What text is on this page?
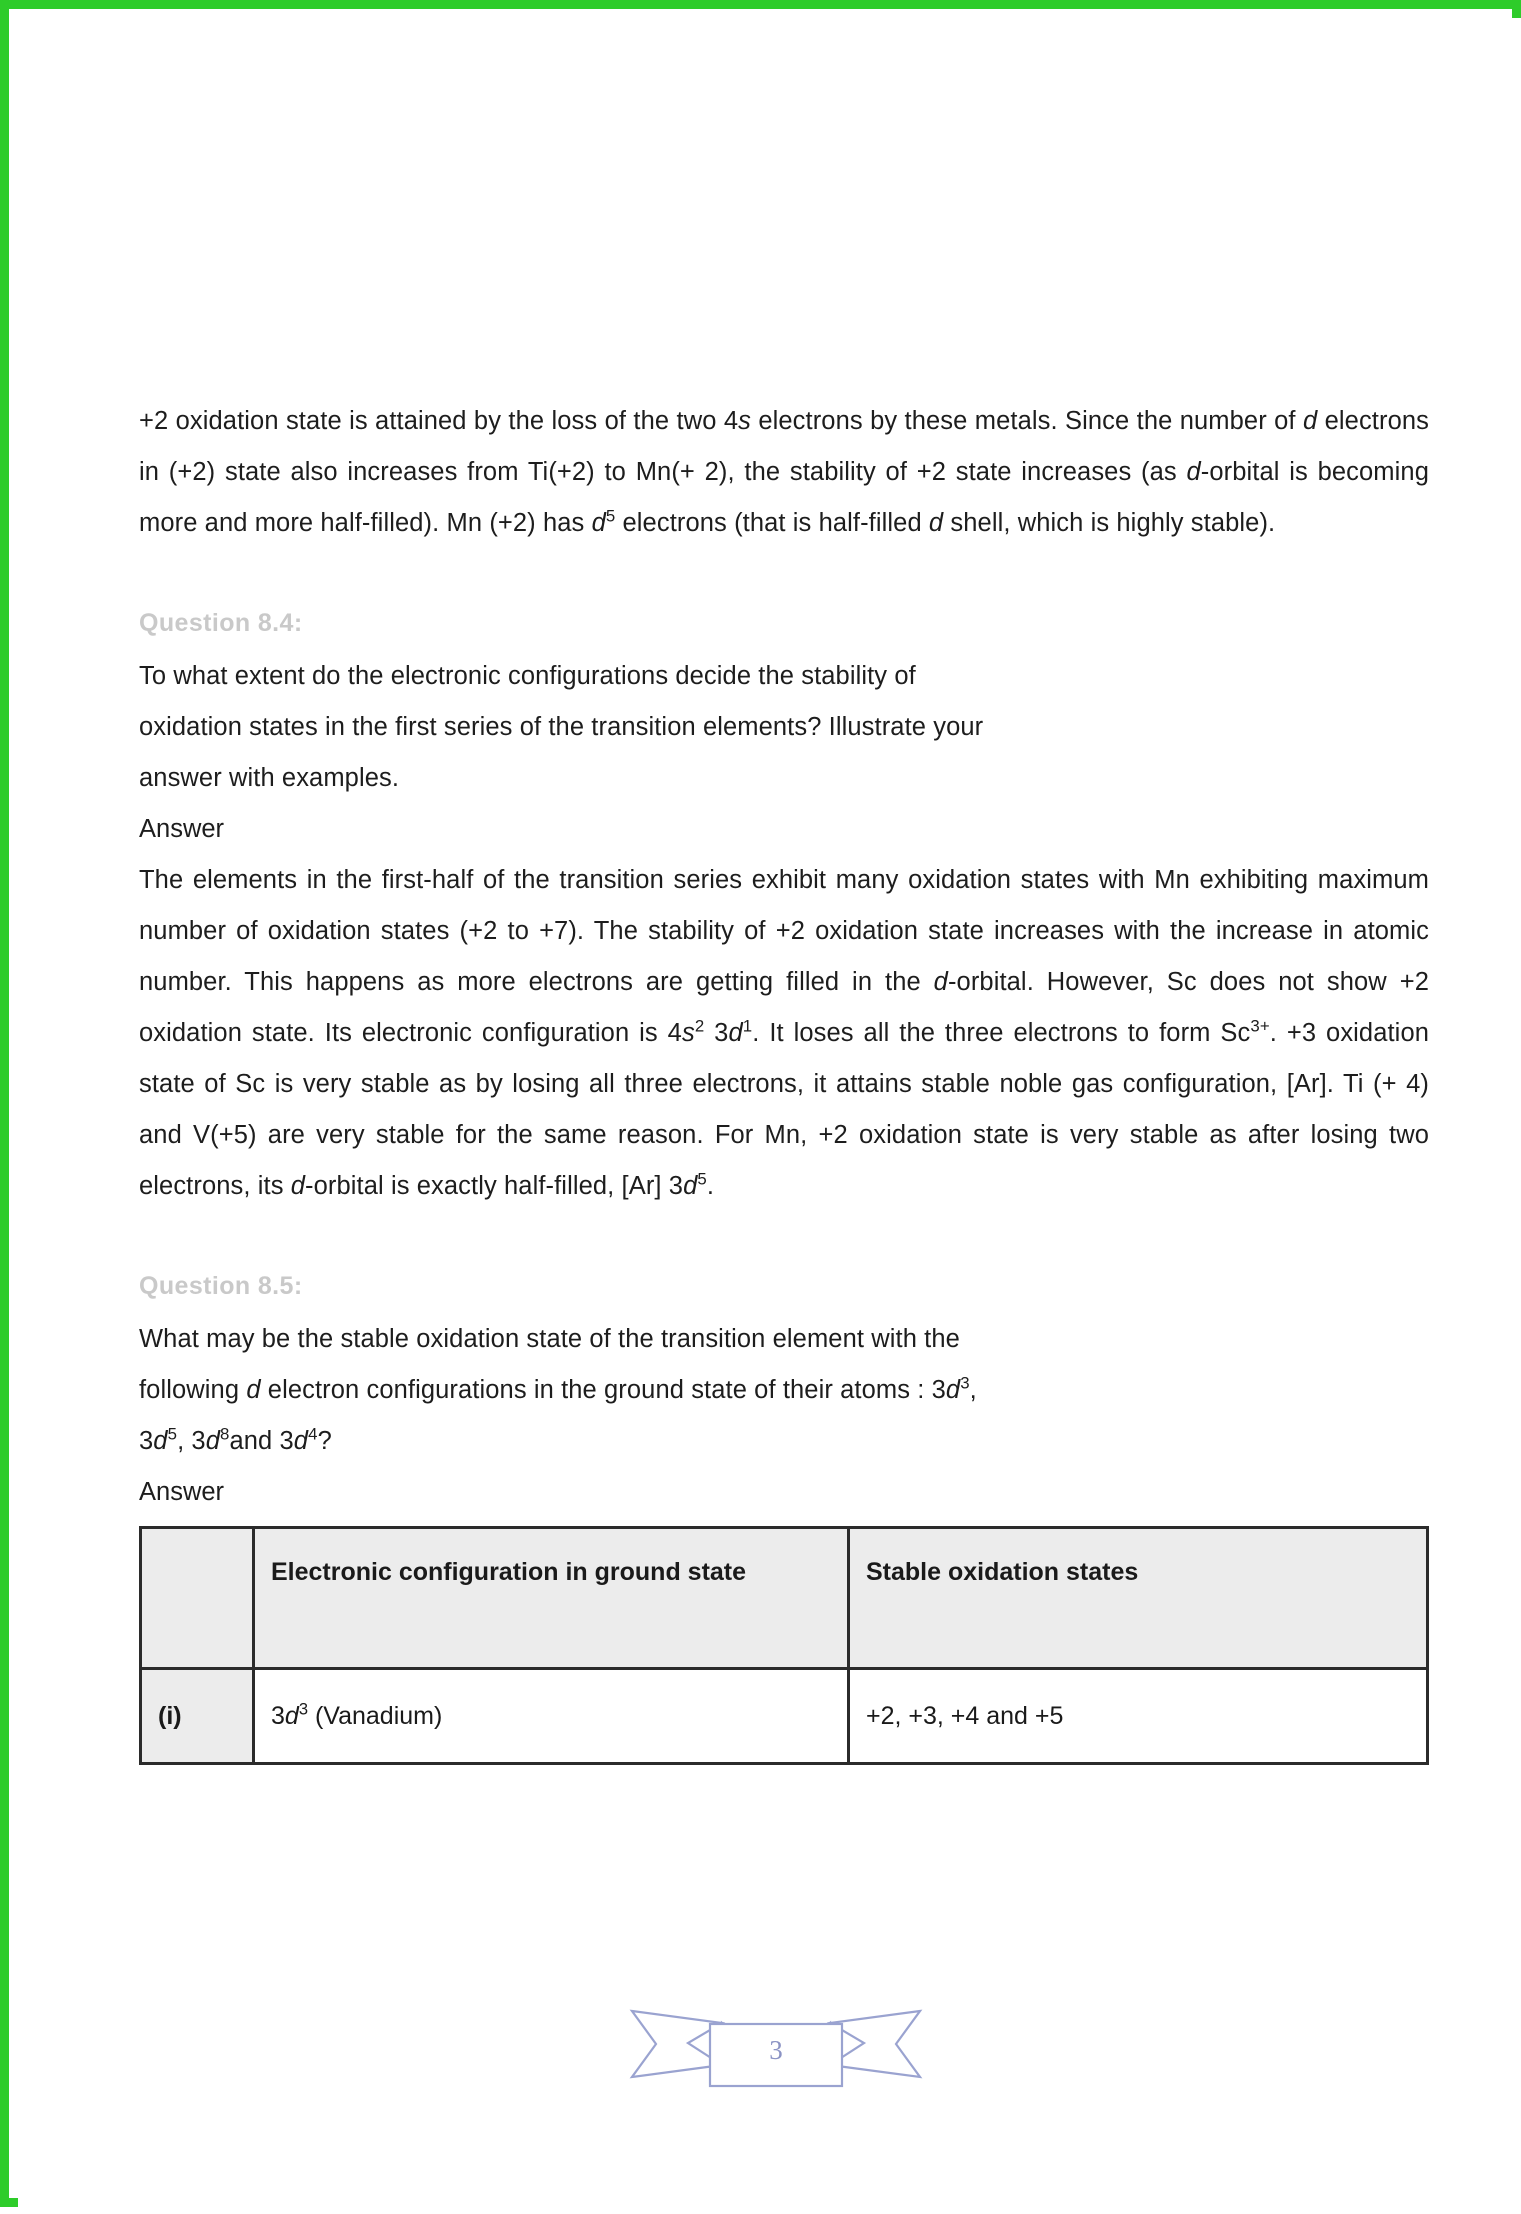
+2 oxidation state is attained by the loss of the two 4s electrons by these metals. Since the number of d electrons in (+2) state also increases from Ti(+2) to Mn(+ 2), the stability of +2 state increases (as d-orbital is becoming more and more half-filled). Mn (+2) has $d^5$ electrons (that is half-filled d shell, which is highly stable).

Question 8.4:

To what extent do the electronic configurations decide the stability of

oxidation states in the first series of the transition elements? Illustrate your

answer with examples.

Answer

The elements in the first-half of the transition series exhibit many oxidation states with Mn exhibiting maximum number of oxidation states (+2 to +7). The stability of +2 oxidation state increases with the increase in atomic number. This happens as more electrons are getting filled in the d-orbital. However, Sc does not show +2 oxidation state. Its electronic configuration is $4s^2$ $3d^1$. It loses all the three electrons to form $Sc^{3+}$. +3 oxidation state of Sc is very stable as by losing all three electrons, it attains stable noble gas configuration, [Ar]. Ti (+ 4) and V(+5) are very stable for the same reason. For Mn, +2 oxidation state is very stable as after losing two electrons, its d-orbital is exactly half-filled, [Ar] $3d^5$.

Question 8.5:

What may be the stable oxidation state of the transition element with the

following d electron configurations in the ground state of their atoms : $3d^3$,

$3d^5$, $3d^8and$ $3d^4$?

Answer

	Electronic configuration in ground state	Stable oxidation states
(i)	$3d^3$ (Vanadium)	+2, +3, +4 and +5
3
